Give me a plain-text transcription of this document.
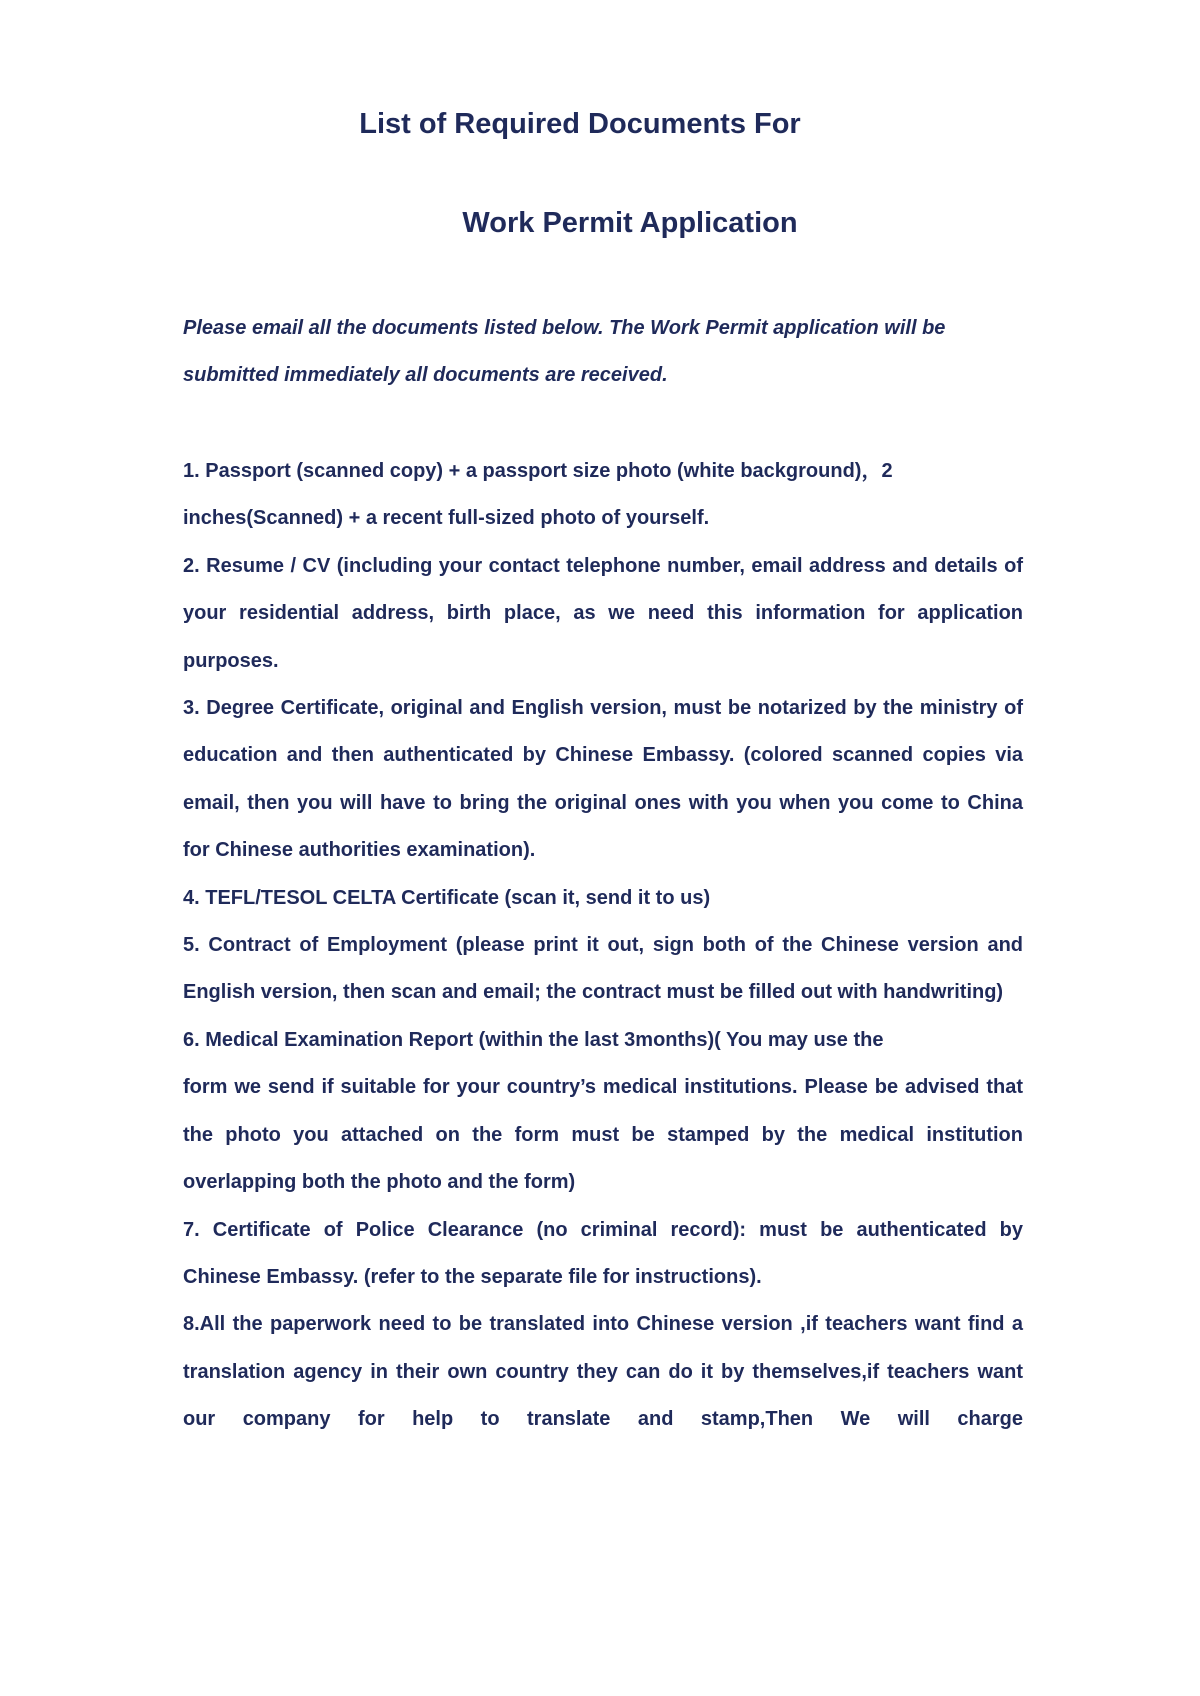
List of Required Documents For
Work Permit Application
Please email all the documents listed below. The Work Permit application will be
submitted immediately all documents are received.
1. Passport (scanned copy) + a passport size photo (white background)，2
inches(Scanned) + a recent full-sized photo of yourself.
2. Resume / CV (including your contact telephone number, email address and details of your residential address, birth place, as we need this information for application purposes.
3. Degree Certificate, original and English version, must be notarized by the ministry of education and then authenticated by Chinese Embassy. (colored scanned copies via email, then you will have to bring the original ones with you when you come to China for Chinese authorities examination).
4. TEFL/TESOL CELTA Certificate (scan it, send it to us)
5. Contract of Employment (please print it out, sign both of the Chinese version and English version, then scan and email; the contract must be filled out with handwriting)
6. Medical Examination Report (within the last 3months)( You may use the
form we send if suitable for your country’s medical institutions. Please be advised that the photo you attached on the form must be stamped by the medical institution overlapping both the photo and the form)
7. Certificate of Police Clearance (no criminal record): must be authenticated by Chinese Embassy. (refer to the separate file for instructions).
8.All the paperwork need to be translated into Chinese version ,if teachers want find a translation agency in their own country they can do it by themselves,if teachers want our company for help to translate and stamp,Then We will charge
